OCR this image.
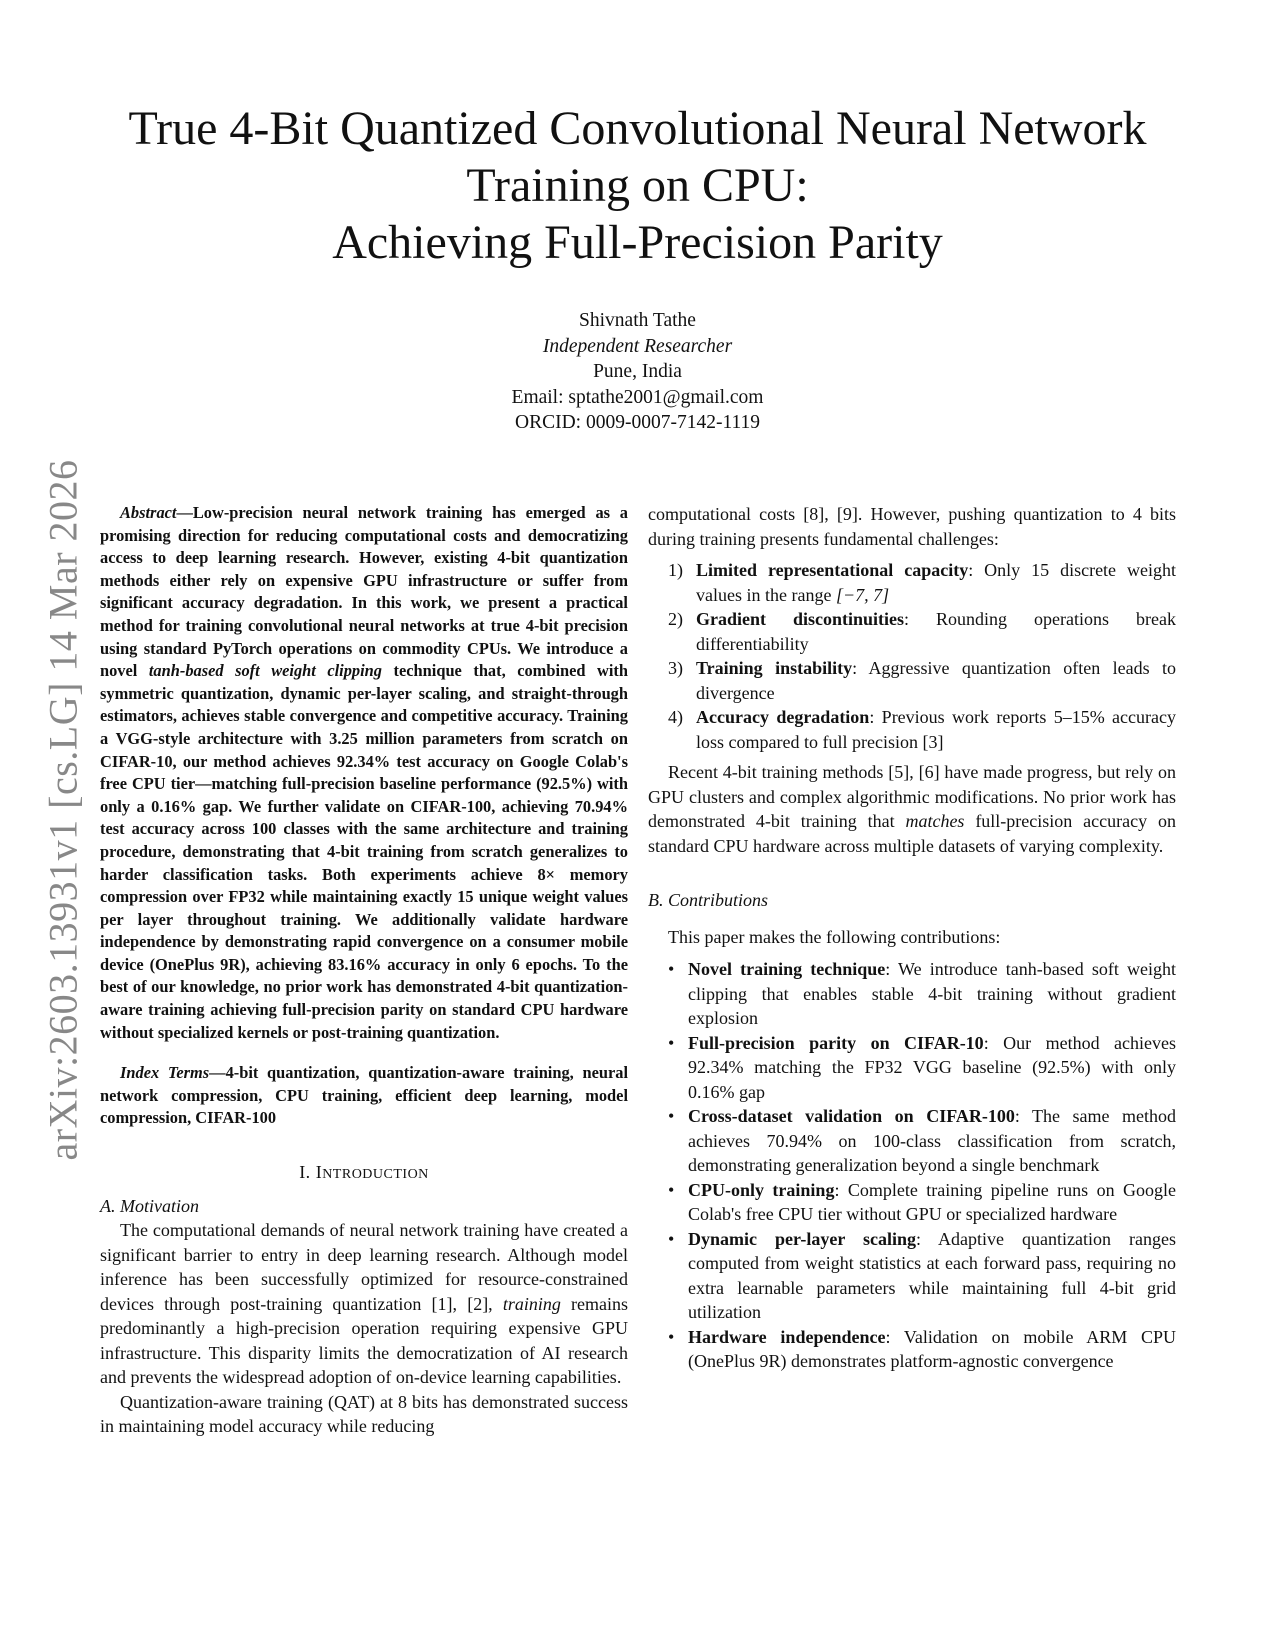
arXiv:2603.13931v1 [cs.LG] 14 Mar 2026
True 4-Bit Quantized Convolutional Neural Network
Training on CPU:
Achieving Full-Precision Parity
Shivnath Tathe
Independent Researcher
Pune, India
Email: sptathe2001@gmail.com
ORCID: 0009-0007-7142-1119

Abstract—Low-precision neural network training has emerged as a promising direction for reducing computational costs and democratizing access to deep learning research. However, existing 4-bit quantization methods either rely on expensive GPU infrastructure or suffer from significant accuracy degradation. In this work, we present a practical method for training convolutional neural networks at true 4-bit precision using standard PyTorch operations on commodity CPUs. We introduce a novel tanh-based soft weight clipping technique that, combined with symmetric quantization, dynamic per-layer scaling, and straight-through estimators, achieves stable convergence and competitive accuracy. Training a VGG-style architecture with 3.25 million parameters from scratch on CIFAR-10, our method achieves 92.34% test accuracy on Google Colab's free CPU tier—matching full-precision baseline performance (92.5%) with only a 0.16% gap. We further validate on CIFAR-100, achieving 70.94% test accuracy across 100 classes with the same architecture and training procedure, demonstrating that 4-bit training from scratch generalizes to harder classification tasks. Both experiments achieve 8× memory compression over FP32 while maintaining exactly 15 unique weight values per layer throughout training. We additionally validate hardware independence by demonstrating rapid convergence on a consumer mobile device (OnePlus 9R), achieving 83.16% accuracy in only 6 epochs. To the best of our knowledge, no prior work has demonstrated 4-bit quantization-aware training achieving full-precision parity on standard CPU hardware without specialized kernels or post-training quantization.

Index Terms—4-bit quantization, quantization-aware training, neural network compression, CPU training, efficient deep learning, model compression, CIFAR-100

I. INTRODUCTION
A. Motivation

The computational demands of neural network training have created a significant barrier to entry in deep learning research. Although model inference has been successfully optimized for resource-constrained devices through post-training quantization [1], [2], training remains predominantly a high-precision operation requiring expensive GPU infrastructure. This disparity limits the democratization of AI research and prevents the widespread adoption of on-device learning capabilities.

Quantization-aware training (QAT) at 8 bits has demonstrated success in maintaining model accuracy while reducing

computational costs [8], [9]. However, pushing quantization to 4 bits during training presents fundamental challenges:

1) Limited representational capacity: Only 15 discrete weight values in the range [−7, 7]
2) Gradient discontinuities: Rounding operations break differentiability
3) Training instability: Aggressive quantization often leads to divergence
4) Accuracy degradation: Previous work reports 5–15% accuracy loss compared to full precision [3]

Recent 4-bit training methods [5], [6] have made progress, but rely on GPU clusters and complex algorithmic modifications. No prior work has demonstrated 4-bit training that matches full-precision accuracy on standard CPU hardware across multiple datasets of varying complexity.

B. Contributions

This paper makes the following contributions:

• Novel training technique: We introduce tanh-based soft weight clipping that enables stable 4-bit training without gradient explosion
• Full-precision parity on CIFAR-10: Our method achieves 92.34% matching the FP32 VGG baseline (92.5%) with only 0.16% gap
• Cross-dataset validation on CIFAR-100: The same method achieves 70.94% on 100-class classification from scratch, demonstrating generalization beyond a single benchmark
• CPU-only training: Complete training pipeline runs on Google Colab's free CPU tier without GPU or specialized hardware
• Dynamic per-layer scaling: Adaptive quantization ranges computed from weight statistics at each forward pass, requiring no extra learnable parameters while maintaining full 4-bit grid utilization
• Hardware independence: Validation on mobile ARM CPU (OnePlus 9R) demonstrates platform-agnostic convergence
